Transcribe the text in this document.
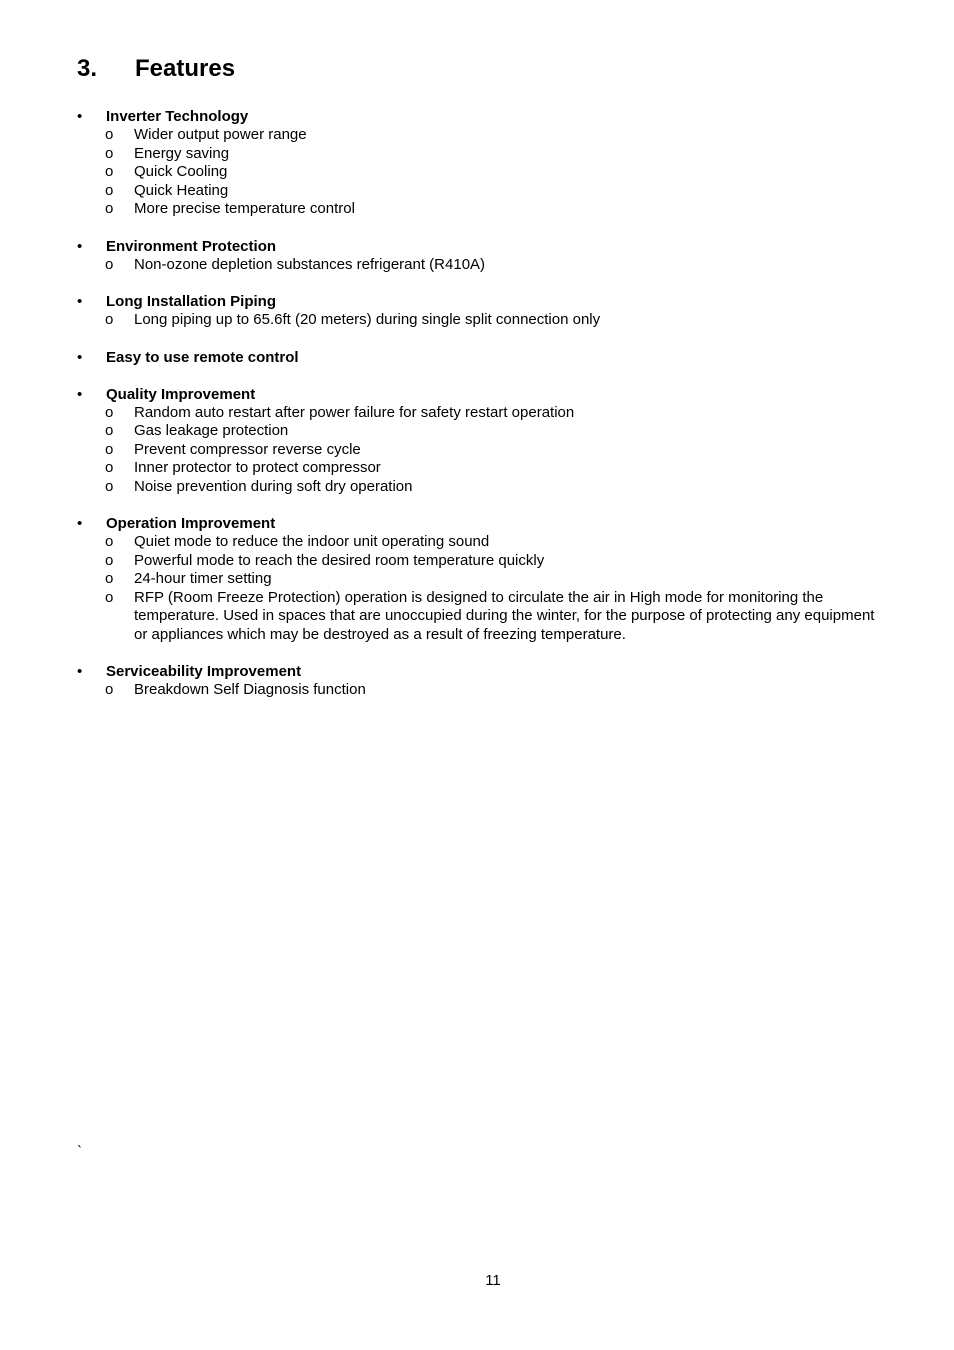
3. Features
• Inverter Technology
o Wider output power range
o Energy saving
o Quick Cooling
o Quick Heating
o More precise temperature control
• Environment Protection
o Non-ozone depletion substances refrigerant (R410A)
• Long Installation Piping
o Long piping up to 65.6ft (20 meters) during single split connection only
• Easy to use remote control
• Quality Improvement
o Random auto restart after power failure for safety restart operation
o Gas leakage protection
o Prevent compressor reverse cycle
o Inner protector to protect compressor
o Noise prevention during soft dry operation
• Operation Improvement
o Quiet mode to reduce the indoor unit operating sound
o Powerful mode to reach the desired room temperature quickly
o 24-hour timer setting
o RFP (Room Freeze Protection) operation is designed to circulate the air in High mode for monitoring the temperature. Used in spaces that are unoccupied during the winter, for the purpose of protecting any equipment or appliances which may be destroyed as a result of freezing temperature.
• Serviceability Improvement
o Breakdown Self Diagnosis function
`
11
